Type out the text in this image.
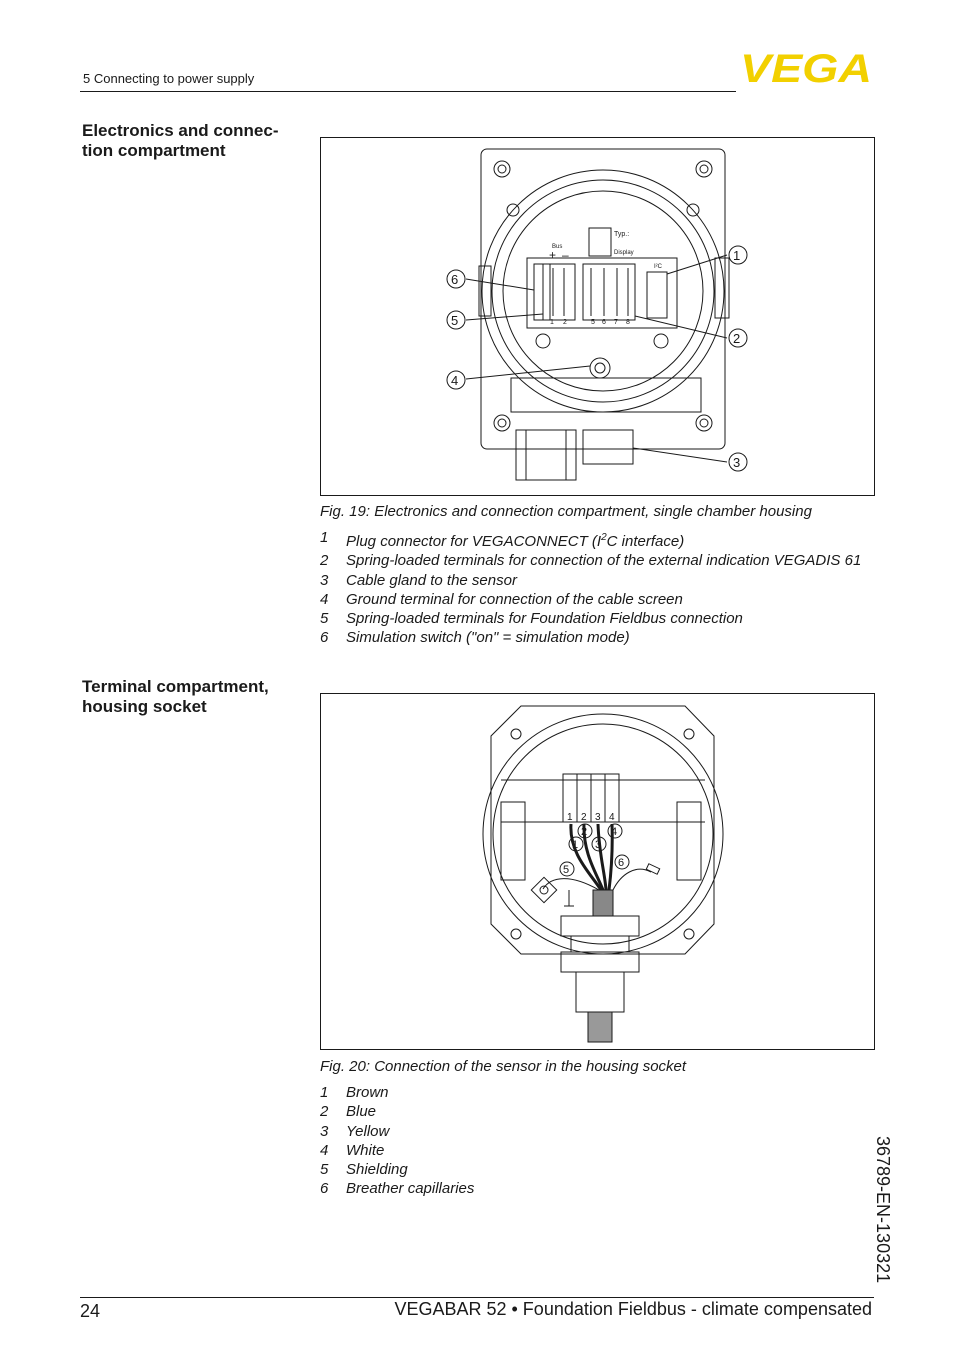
5 Connecting to power supply	VEGA
Electronics and connec-
tion compartment
Typ.:
Display
Bus
+ –
I²C
1 2	5 6 7 8
6
5
4
1
2
3
Fig. 19: Electronics and connection compartment, single chamber housing
1	Plug connector for VEGACONNECT ($I^2C$ interface)
2	Spring-loaded terminals for connection of the external indication VEGADIS 61
3	Cable gland to the sensor
4	Ground terminal for connection of the cable screen
5	Spring-loaded terminals for Foundation Fieldbus connection
6	Simulation switch ("on" = simulation mode)
Terminal compartment,
housing socket
1 2 3 4
2 4
1 3
5
6
Fig. 20: Connection of the sensor in the housing socket
1	Brown
2	Blue
3	Yellow
4	White
5	Shielding
6	Breather capillaries	36789-EN-130321
24	VEGABAR 52 • Foundation Fieldbus - climate compensated
